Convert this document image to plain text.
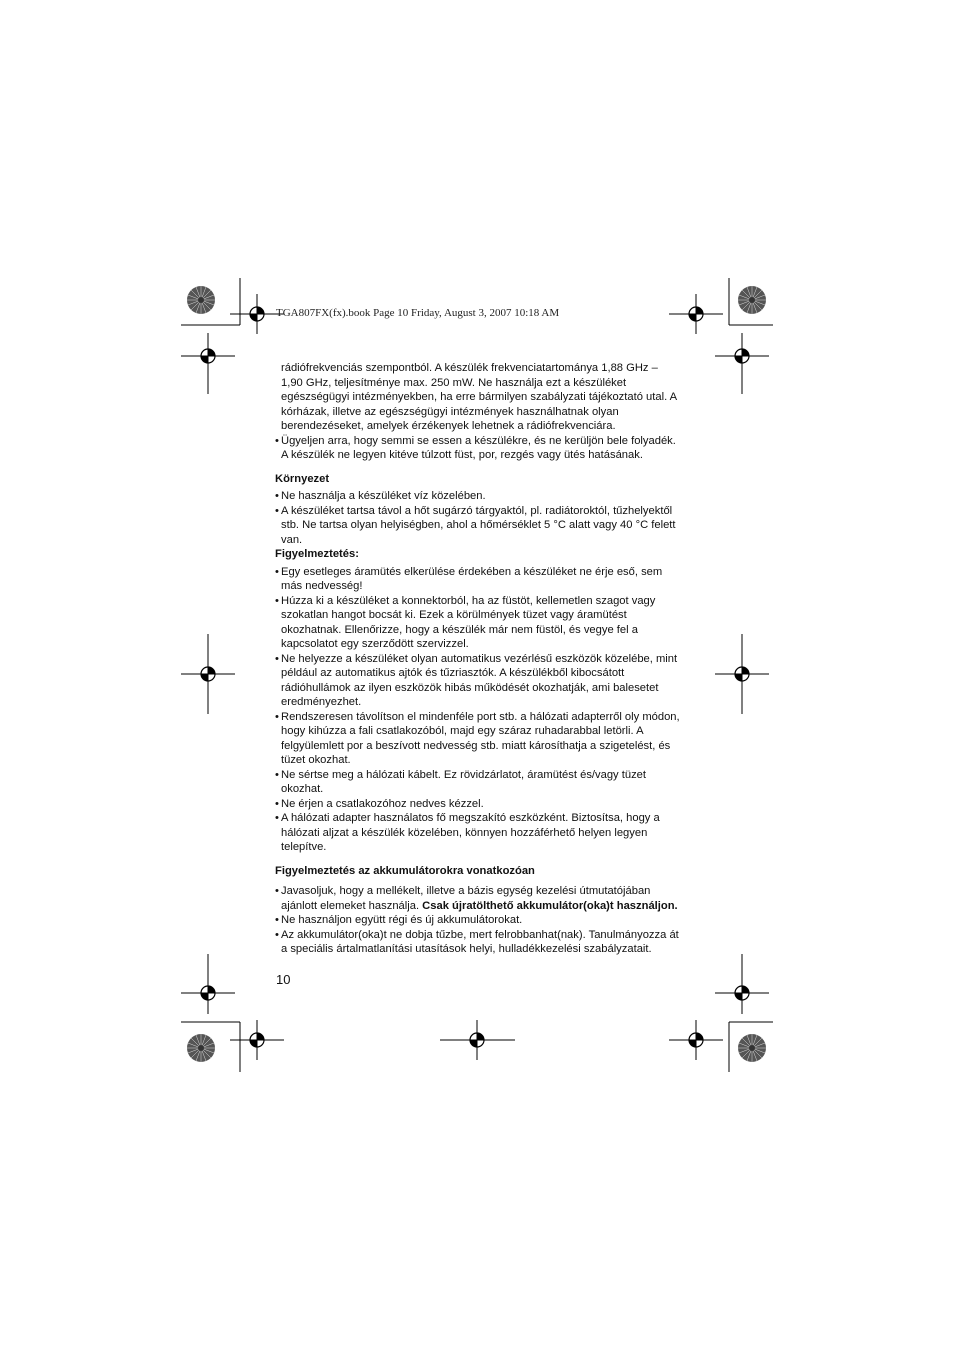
TGA807FX(fx).book Page 10 Friday, August 3, 2007 10:18 AM

rádiófrekvenciás szempontból. A készülék frekvenciatartománya 1,88 GHz – 1,90 GHz, teljesítménye max. 250 mW. Ne használja ezt a készüléket egészségügyi intézményekben, ha erre bármilyen szabályzati tájékoztató utal. A kórházak, illetve az egészségügyi intézmények használhatnak olyan berendezéseket, amelyek érzékenyek lehetnek a rádiófrekvenciára.

• Ügyeljen arra, hogy semmi se essen a készülékre, és ne kerüljön bele folyadék. A készülék ne legyen kitéve túlzott füst, por, rezgés vagy ütés hatásának.

Környezet

• Ne használja a készüléket víz közelében.

• A készüléket tartsa távol a hőt sugárzó tárgyaktól, pl. radiátoroktól, tűzhelyektől stb. Ne tartsa olyan helyiségben, ahol a hőmérséklet 5 °C alatt vagy 40 °C felett van.

Figyelmeztetés:

• Egy esetleges áramütés elkerülése érdekében a készüléket ne érje eső, sem más nedvesség!

• Húzza ki a készüléket a konnektorból, ha az füstöt, kellemetlen szagot vagy szokatlan hangot bocsát ki. Ezek a körülmények tüzet vagy áramütést okozhatnak. Ellenőrizze, hogy a készülék már nem füstöl, és vegye fel a kapcsolatot egy szerződött szervizzel.

• Ne helyezze a készüléket olyan automatikus vezérlésű eszközök közelébe, mint például az automatikus ajtók és tűzriasztók. A készülékből kibocsátott rádióhullámok az ilyen eszközök hibás működését okozhatják, ami balesetet eredményezhet.

• Rendszeresen távolítson el mindenféle port stb. a hálózati adapterről oly módon, hogy kihúzza a fali csatlakozóból, majd egy száraz ruhadarabbal letörli. A felgyülemlett por a beszívott nedvesség stb. miatt károsíthatja a szigetelést, és tüzet okozhat.

• Ne sértse meg a hálózati kábelt. Ez rövidzárlatot, áramütést és/vagy tüzet okozhat.

• Ne érjen a csatlakozóhoz nedves kézzel.

• A hálózati adapter használatos fő megszakító eszközként. Biztosítsa, hogy a hálózati aljzat a készülék közelében, könnyen hozzáférhető helyen legyen telepítve.

Figyelmeztetés az akkumulátorokra vonatkozóan

• Javasoljuk, hogy a mellékelt, illetve a bázis egység kezelési útmutatójában ajánlott elemeket használja. Csak újratölthető akkumulátor(oka)t használjon.

• Ne használjon együtt régi és új akkumulátorokat.

• Az akkumulátor(oka)t ne dobja tűzbe, mert felrobbanhat(nak). Tanulmányozza át a speciális ártalmatlanítási utasítások helyi, hulladékkezelési szabályzatait.

10
